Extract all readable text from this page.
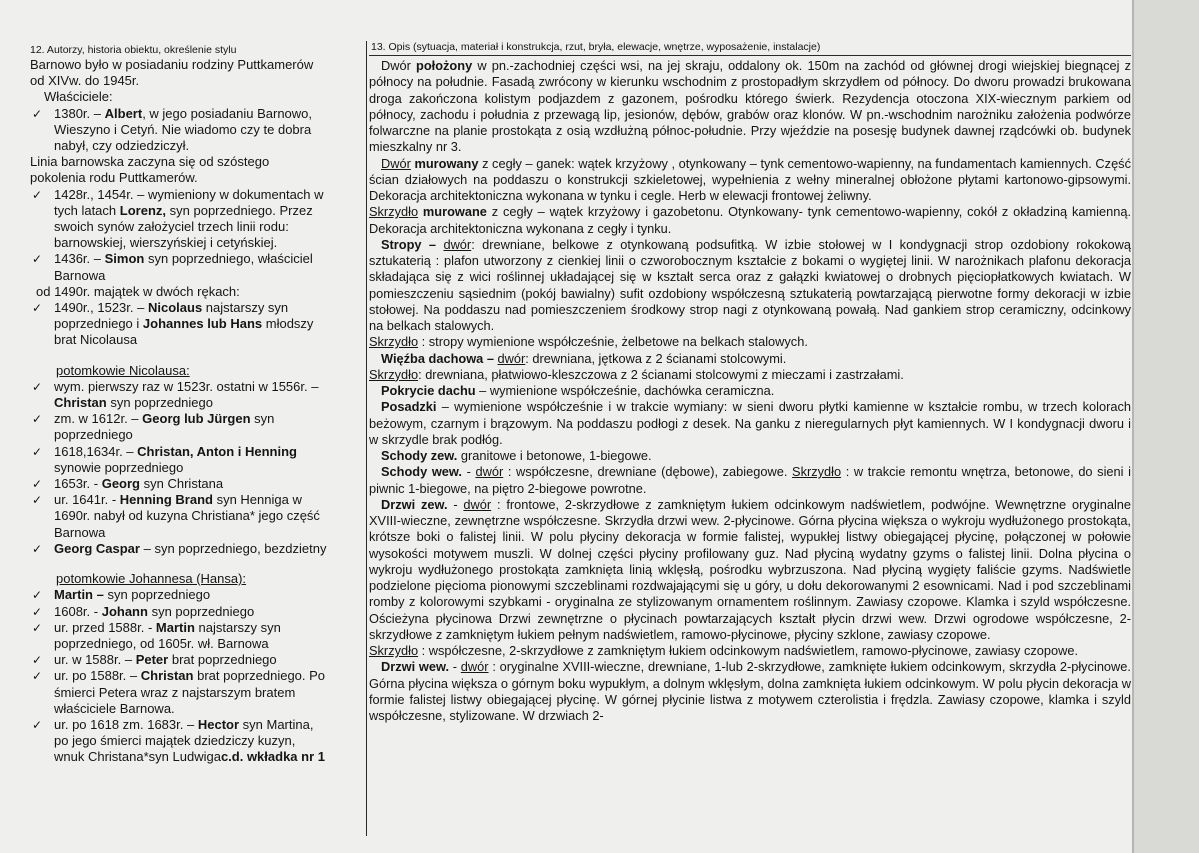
12. Autorzy, historia obiektu, określenie stylu
Barnowo było w posiadaniu rodziny Puttkamerów
od XIVw. do 1945r.
Właściciele:
✓ 1380r. – Albert, w jego posiadaniu Barnowo,
Wieszyno i Cetyń. Nie wiadomo czy te dobra
nabył, czy odziedziczył.
Linia barnowska zaczyna się od szóstego
pokolenia rodu Puttkamerów.
✓ 1428r., 1454r. – wymieniony w dokumentach w
tych latach Lorenz, syn poprzedniego. Przez
swoich synów założyciel trzech linii rodu:
barnowskiej, wierszyńskiej i cetyńskiej.
✓ 1436r. – Simon syn poprzedniego, właściciel
Barnowa
od 1490r. majątek w dwóch rękach:
✓ 1490r., 1523r. – Nicolaus najstarszy syn
poprzedniego i Johannes lub Hans młodszy
brat Nicolausa
potomkowie Nicolausa:
✓ wym. pierwszy raz w 1523r. ostatni w 1556r. –
Christan syn poprzedniego
✓ zm. w 1612r. – Georg lub Jürgen syn
poprzedniego
✓ 1618,1634r. – Christan, Anton i Henning
synowie poprzedniego
✓ 1653r. - Georg syn Christana
✓ ur. 1641r. - Henning Brand syn Henniga w
1690r. nabył od kuzyna Christiana* jego część
Barnowa
✓ Georg Caspar – syn poprzedniego, bezdzietny
potomkowie Johannesa (Hansa):
✓ Martin – syn poprzedniego
✓ 1608r. - Johann syn poprzedniego
✓ ur. przed 1588r. - Martin najstarszy syn
poprzedniego, od 1605r. wł. Barnowa
✓ ur. w 1588r. – Peter brat poprzedniego
✓ ur. po 1588r. – Christan brat poprzedniego. Po
śmierci Petera wraz z najstarszym bratem
właściciele Barnowa.
✓ ur. po 1618 zm. 1683r. – Hector syn Martina,
po jego śmierci majątek dziedziczy kuzyn,
wnuk Christana*syn Ludwigac.d. wkładka nr 1
13. Opis (sytuacja, materiał i konstrukcja, rzut, bryła, elewacje, wnętrze, wyposażenie, instalacje)

Dwór położony w pn.-zachodniej części wsi, na jej skraju, oddalony ok. 150m na zachód od głównej drogi wiejskiej biegnącej z północy na południe. Fasadą zwrócony w kierunku wschodnim z prostopadłym skrzydłem od północy. Do dworu prowadzi brukowana droga zakończona kolistym podjazdem z gazonem, pośrodku którego świerk. Rezydencja otoczona XIX-wiecznym parkiem od północy, zachodu i południa z przewagą lip, jesionów, dębów, grabów oraz klonów. W pn.-wschodnim narożniku założenia podwórze folwarczne na planie prostokąta z osią wzdłużną północ-południe. Przy wjeździe na posesję budynek dawnej rządcówki ob. budynek mieszkalny nr 3.

Dwór murowany z cegły – ganek: wątek krzyżowy , otynkowany – tynk cementowo-wapienny, na fundamentach kamiennych. Część ścian działowych na poddaszu o konstrukcji szkieletowej, wypełnienia z wełny mineralnej obłożone płytami kartonowo-gipsowymi. Dekoracja architektoniczna wykonana w tynku i cegle. Herb w elewacji frontowej żeliwny.

Skrzydło murowane z cegły – wątek krzyżowy i gazobetonu. Otynkowany- tynk cementowo-wapienny, cokół z okładziną kamienną. Dekoracja architektoniczna wykonana z cegły i tynku.

Stropy – dwór: drewniane, belkowe z otynkowaną podsufitką. W izbie stołowej w I kondygnacji strop ozdobiony rokokową sztukaterią : plafon utworzony z cienkiej linii o czworobocznym kształcie z bokami o wygiętej linii. W narożnikach plafonu dekoracja składająca się z wici roślinnej układającej się w kształt serca oraz z gałązki kwiatowej o drobnych pięciopłatkowych kwiatach. W pomieszczeniu sąsiednim (pokój bawialny) sufit ozdobiony współczesną sztukaterią powtarzającą pierwotne formy dekoracji w izbie stołowej. Na poddaszu nad pomieszczeniem środkowy strop nagi z otynkowaną powałą. Nad gankiem strop ceramiczny, odcinkowy na belkach stalowych.

Skrzydło : stropy wymienione współcześnie, żelbetowe na belkach stalowych.

Więźba dachowa – dwór: drewniana, jętkowa z 2 ścianami stolcowymi.

Skrzydło: drewniana, płatwiowo-kleszczowa z 2 ścianami stolcowymi z mieczami i zastrzałami.

Pokrycie dachu – wymienione współcześnie, dachówka ceramiczna.

Posadzki – wymienione współcześnie i w trakcie wymiany: w sieni dworu płytki kamienne w kształcie rombu, w trzech kolorach beżowym, czarnym i brązowym. Na poddaszu podłogi z desek. Na ganku z nieregularnych płyt kamiennych. W I kondygnacji dworu i w skrzydle brak podłóg.

Schody zew. granitowe i betonowe, 1-biegowe.

Schody wew. - dwór : współczesne, drewniane (dębowe), zabiegowe. Skrzydło : w trakcie remontu wnętrza, betonowe, do sieni i piwnic 1-biegowe, na piętro 2-biegowe powrotne.

Drzwi zew. - dwór : frontowe, 2-skrzydłowe z zamkniętym łukiem odcinkowym nadświetlem, podwójne. Wewnętrzne oryginalne XVIII-wieczne, zewnętrzne współczesne. Skrzydła drzwi wew. 2-płycinowe. Górna płycina większa o wykroju wydłużonego prostokąta, krótsze boki o falistej linii. W polu płyciny dekoracja w formie falistej, wypukłej listwy obiegającej płycinę, połączonej w połowie wysokości motywem muszli. W dolnej części płyciny profilowany guz. Nad płyciną wydatny gzyms o falistej linii. Dolna płycina o wykroju wydłużonego prostokąta zamknięta linią wklęsłą, pośrodku wybrzuszona. Nad płyciną wygięty faliście gzyms. Nadświetle podzielone pięcioma pionowymi szczeblinami rozdwajającymi się u góry, u dołu dekorowanymi 2 esownicami. Nad i pod szczeblinami romby z kolorowymi szybkami - oryginalna ze stylizowanym ornamentem roślinnym. Zawiasy czopowe. Klamka i szyld współczesne. Ościeżyna płycinowa Drzwi zewnętrzne o płycinach powtarzających kształt płycin drzwi wew. Drzwi ogrodowe współczesne, 2-skrzydłowe z zamkniętym łukiem pełnym nadświetlem, ramowo-płycinowe, płyciny szklone, zawiasy czopowe.

Skrzydło : współczesne, 2-skrzydłowe z zamkniętym łukiem odcinkowym nadświetlem, ramowo-płycinowe, zawiasy czopowe.

Drzwi wew. - dwór : oryginalne XVIII-wieczne, drewniane, 1-lub 2-skrzydłowe, zamknięte łukiem odcinkowym, skrzydła 2-płycinowe. Górna płycina większa o górnym boku wypukłym, a dolnym wklęsłym, dolna zamknięta łukiem odcinkowym. W polu płycin dekoracja w formie falistej listwy obiegającej płycinę. W górnej płycinie listwa z motywem czterolistia i frędzla. Zawiasy czopowe, klamka i szyld współczesne, stylizowane. W drzwiach 2-
